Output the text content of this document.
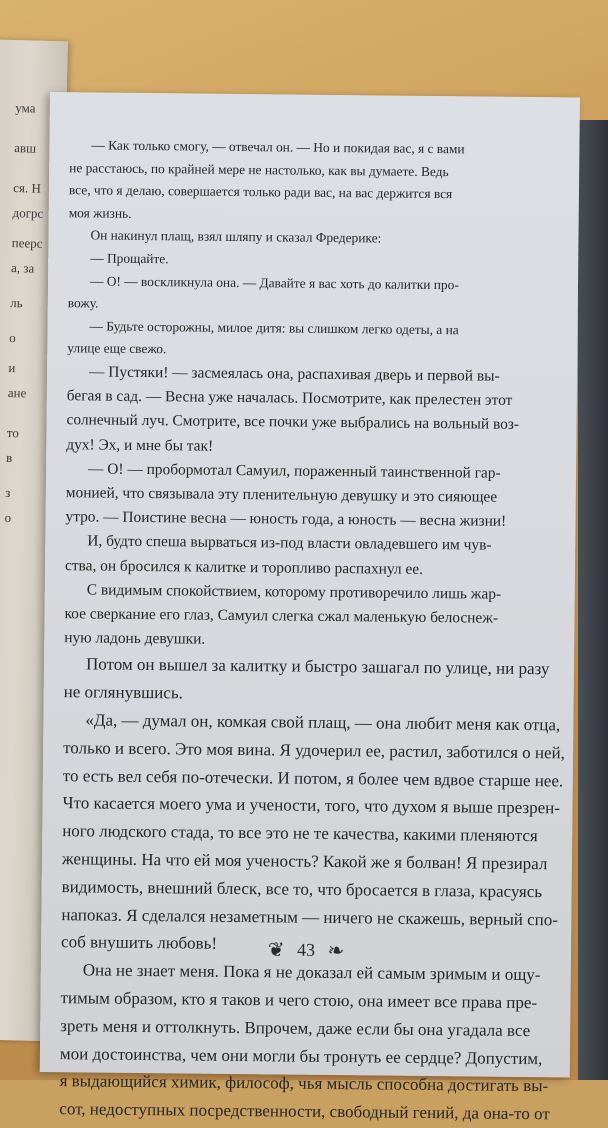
ума
авш
ся. Н
догрс
пеерс
а, за
ль
о
и
ане
то
в
з
о
— Как только смогу, — отвечал он. — Но и покидая вас, я с вами
не расстаюсь, по крайней мере не настолько, как вы думаете. Ведь
все, что я делаю, совершается только ради вас, на вас держится вся
моя жизнь.
Он накинул плащ, взял шляпу и сказал Фредерике:
— Прощайте.
— О! — воскликнула она. — Давайте я вас хоть до калитки про-
вожу.
— Будьте осторожны, милое дитя: вы слишком легко одеты, а на
улице еще свежо.
— Пустяки! — засмеялась она, распахивая дверь и первой вы-
бегая в сад. — Весна уже началась. Посмотрите, как прелестен этот
солнечный луч. Смотрите, все почки уже выбрались на вольный воз-
дух! Эх, и мне бы так!
— О! — пробормотал Самуил, пораженный таинственной гар-
монией, что связывала эту пленительную девушку и это сияющее
утро. — Поистине весна — юность года, а юность — весна жизни!
И, будто спеша вырваться из-под власти овладевшего им чув-
ства, он бросился к калитке и торопливо распахнул ее.
С видимым спокойствием, которому противоречило лишь жар-
кое сверкание его глаз, Самуил слегка сжал маленькую белоснеж-
ную ладонь девушки.
Потом он вышел за калитку и быстро зашагал по улице, ни разу
не оглянувшись.
«Да, — думал он, комкая свой плащ, — она любит меня как отца,
только и всего. Это моя вина. Я удочерил ее, растил, заботился о ней,
то есть вел себя по-отечески. И потом, я более чем вдвое старше нее.
Что касается моего ума и учености, того, что духом я выше презрен-
ного людского стада, то все это не те качества, какими пленяются
женщины. На что ей моя ученость? Какой же я болван! Я презирал
видимость, внешний блеск, все то, что бросается в глаза, красуясь
напоказ. Я сделался незаметным — ничего не скажешь, верный спо-
соб внушить любовь!
Она не знает меня. Пока я не доказал ей самым зримым и ощу-
тимым образом, кто я таков и чего стою, она имеет все права пре-
зреть меня и оттолкнуть. Впрочем, даже если бы она угадала все
мои достоинства, чем они могли бы тронуть ее сердце? Допустим,
я выдающийся химик, философ, чья мысль способна достигать вы-
сот, недоступных посредственности, свободный гений, да она-то от
❦ 43 ❧
